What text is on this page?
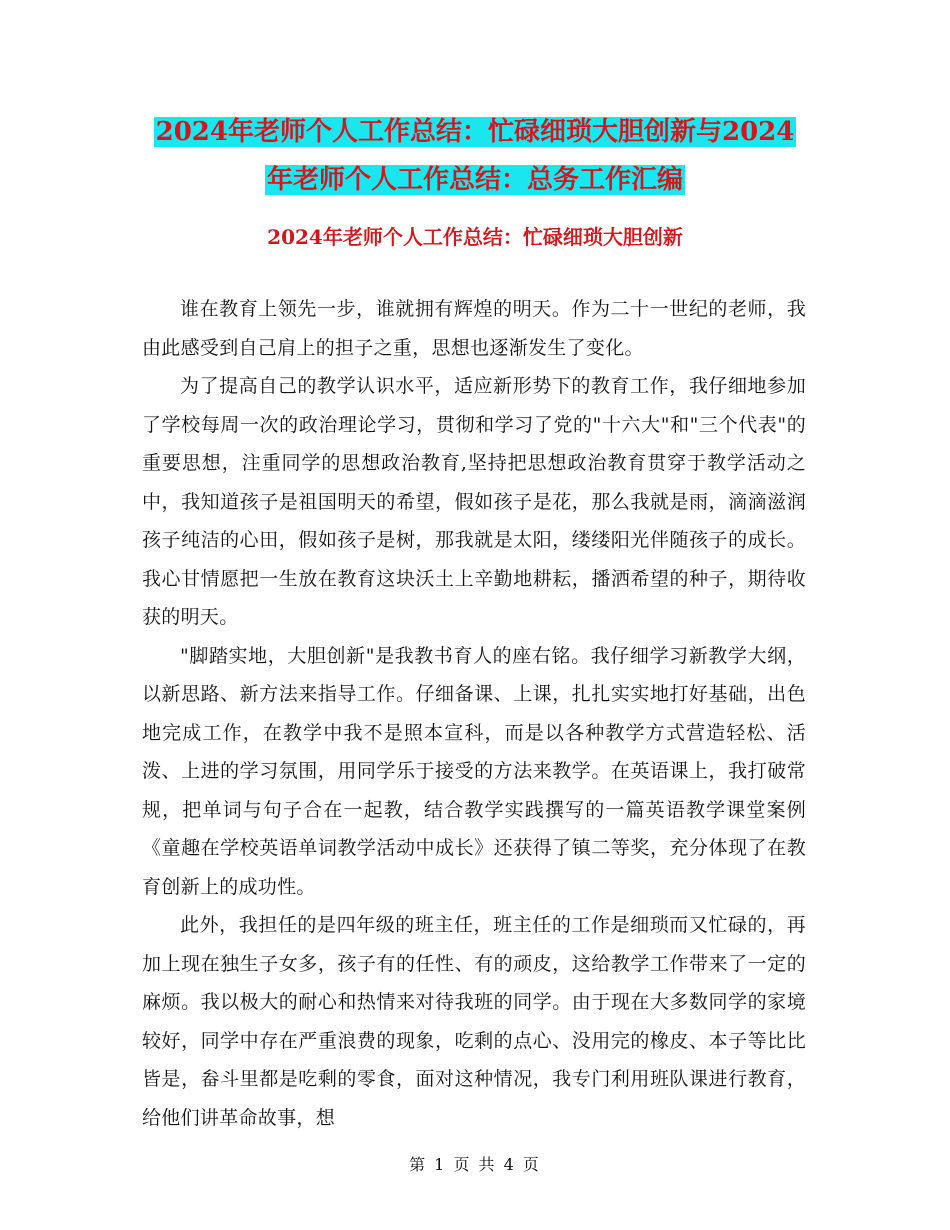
2024年老师个人工作总结：忙碌细琐大胆创新与2024
年老师个人工作总结：总务工作汇编
2024年老师个人工作总结：忙碌细琐大胆创新

谁在教育上领先一步，谁就拥有辉煌的明天。作为二十一世纪的老师，我由此感受到自己肩上的担子之重，思想也逐渐发生了变化。

为了提高自己的教学认识水平，适应新形势下的教育工作，我仔细地参加了学校每周一次的政治理论学习，贯彻和学习了党的"十六大"和"三个代表"的重要思想，注重同学的思想政治教育,坚持把思想政治教育贯穿于教学活动之中，我知道孩子是祖国明天的希望，假如孩子是花，那么我就是雨，滴滴滋润孩子纯洁的心田，假如孩子是树，那我就是太阳，缕缕阳光伴随孩子的成长。我心甘情愿把一生放在教育这块沃土上辛勤地耕耘，播洒希望的种子，期待收获的明天。

"脚踏实地，大胆创新"是我教书育人的座右铭。我仔细学习新教学大纲，以新思路、新方法来指导工作。仔细备课、上课，扎扎实实地打好基础，出色地完成工作，在教学中我不是照本宣科，而是以各种教学方式营造轻松、活泼、上进的学习氛围，用同学乐于接受的方法来教学。在英语课上，我打破常规，把单词与句子合在一起教，结合教学实践撰写的一篇英语教学课堂案例《童趣在学校英语单词教学活动中成长》还获得了镇二等奖，充分体现了在教育创新上的成功性。

此外，我担任的是四年级的班主任，班主任的工作是细琐而又忙碌的，再加上现在独生子女多，孩子有的任性、有的顽皮，这给教学工作带来了一定的麻烦。我以极大的耐心和热情来对待我班的同学。由于现在大多数同学的家境较好，同学中存在严重浪费的现象，吃剩的点心、没用完的橡皮、本子等比比皆是，畚斗里都是吃剩的零食，面对这种情况，我专门利用班队课进行教育，给他们讲革命故事，想

第 1 页 共 4 页
